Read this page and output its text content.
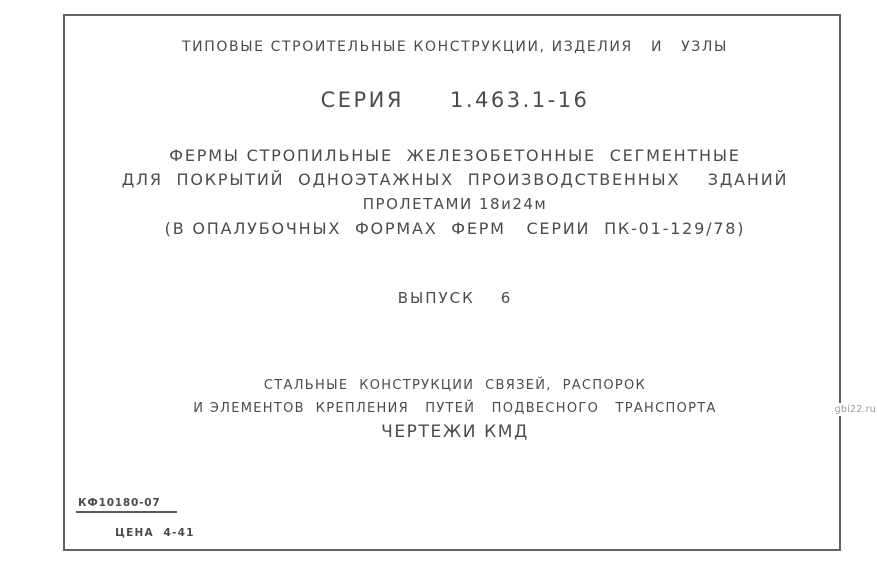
ТИПОВЫЕ СТРОИТЕЛЬНЫЕ КОНСТРУКЦИИ, ИЗДЕЛИЯ   И   УЗЛЫ
СЕРИЯ 1.463.1-16
ФЕРМЫ СТРОПИЛЬНЫЕ  ЖЕЛЕЗОБЕТОННЫЕ  СЕГМЕНТНЫЕ
ДЛЯ  ПОКРЫТИЙ  ОДНОЭТАЖНЫХ  ПРОИЗВОДСТВЕННЫХ    ЗДАНИЙ
ПРОЛЕТАМИ 18и24м
(В ОПАЛУБОЧНЫХ  ФОРМАХ  ФЕРМ   СЕРИИ  ПК-01-129/78)
ВЫПУСК 6
СТАЛЬНЫЕ  КОНСТРУКЦИИ  СВЯЗЕЙ,  РАСПОРОК
И ЭЛЕМЕНТОВ  КРЕПЛЕНИЯ   ПУТЕЙ   ПОДВЕСНОГО   ТРАНСПОРТА
ЧЕРТЕЖИ КМД
КФ10180-07

ЦЕНА 4-41

gbi22.ru
